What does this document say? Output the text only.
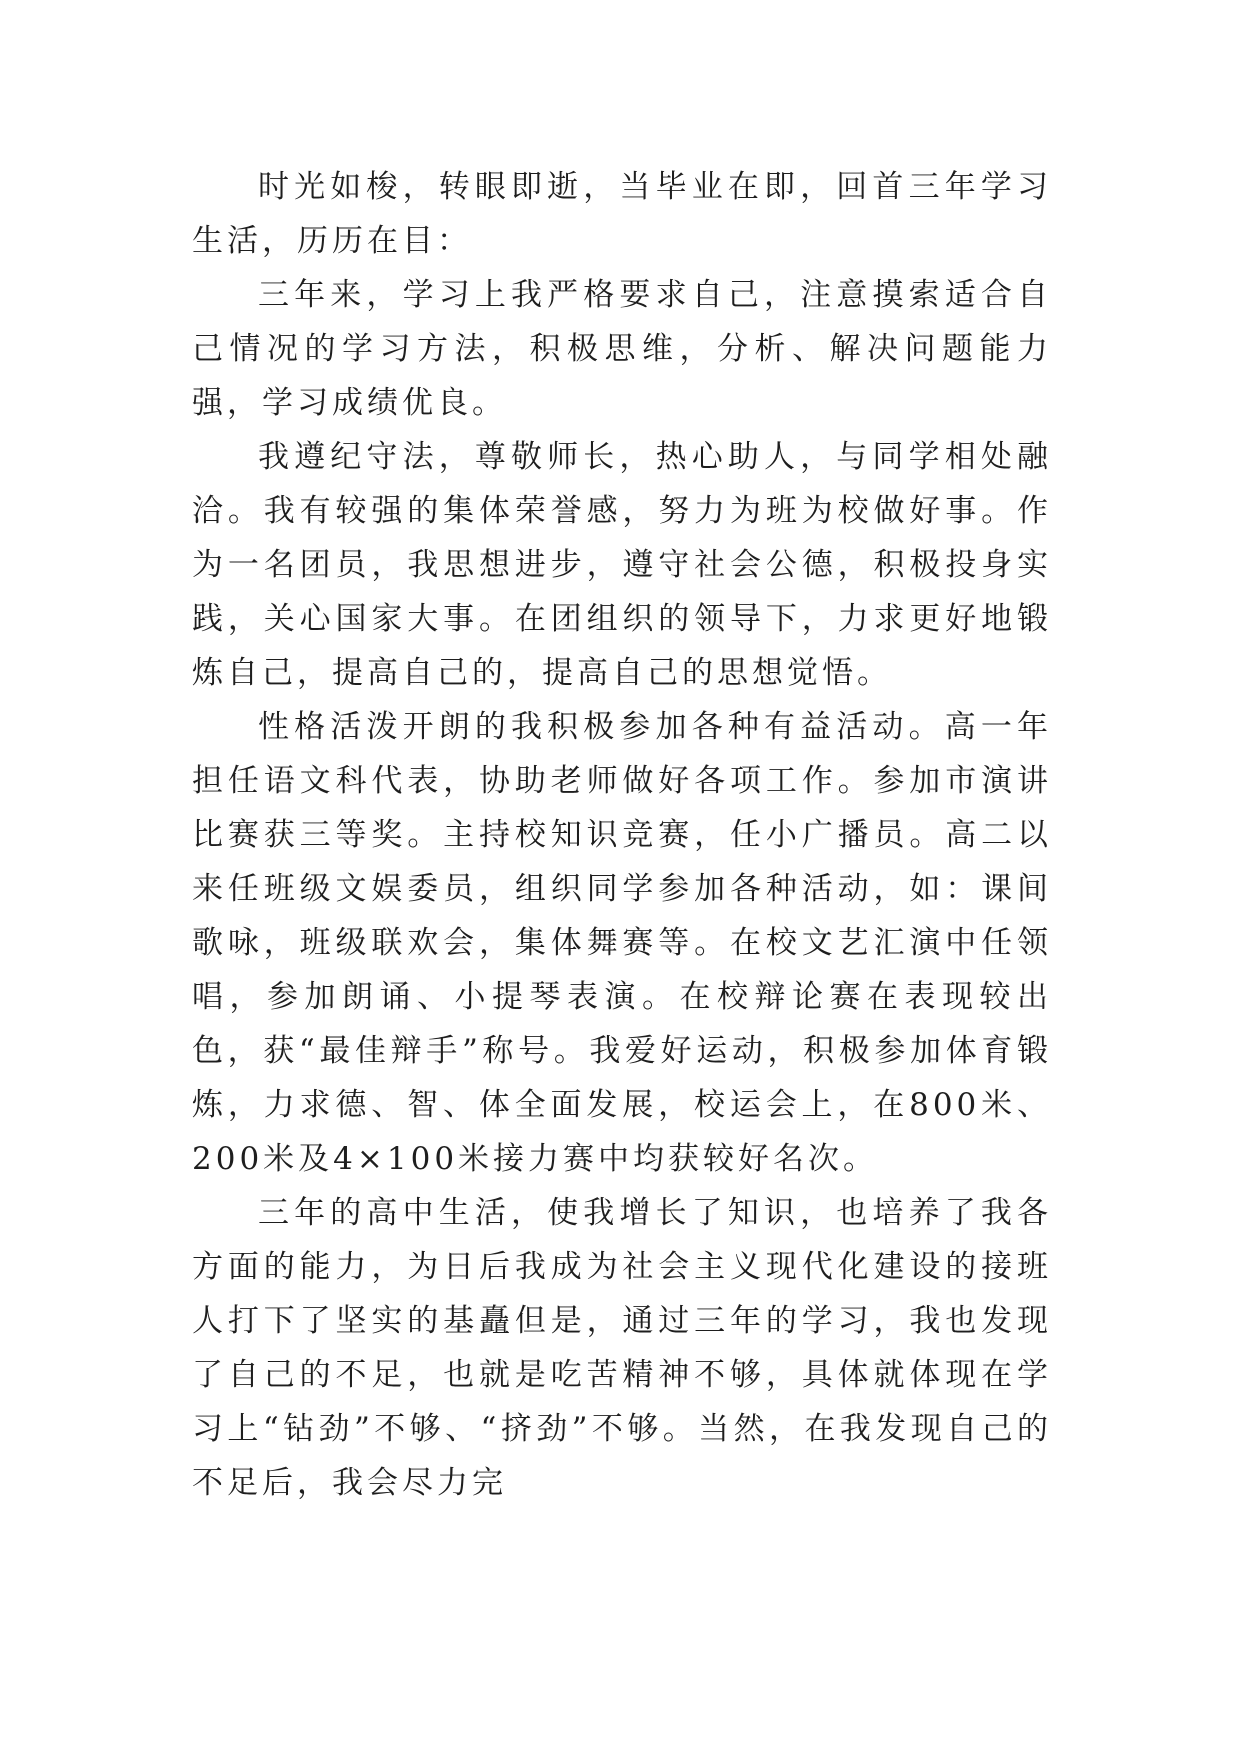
时光如梭，转眼即逝，当毕业在即，回首三年学习生活，历历在目：

三年来，学习上我严格要求自己，注意摸索适合自己情况的学习方法，积极思维，分析、解决问题能力强，学习成绩优良。

我遵纪守法，尊敬师长，热心助人，与同学相处融洽。我有较强的集体荣誉感，努力为班为校做好事。作为一名团员，我思想进步，遵守社会公德，积极投身实践，关心国家大事。在团组织的领导下，力求更好地锻炼自己，提高自己的，提高自己的思想觉悟。

性格活泼开朗的我积极参加各种有益活动。高一年担任语文科代表，协助老师做好各项工作。参加市演讲比赛获三等奖。主持校知识竞赛，任小广播员。高二以来任班级文娱委员，组织同学参加各种活动，如：课间歌咏，班级联欢会，集体舞赛等。在校文艺汇演中任领唱，参加朗诵、小提琴表演。在校辩论赛在表现较出色，获“最佳辩手”称号。我爱好运动，积极参加体育锻炼，力求德、智、体全面发展，校运会上，在800米、200米及4×100米接力赛中均获较好名次。

三年的高中生活，使我增长了知识，也培养了我各方面的能力，为日后我成为社会主义现代化建设的接班人打下了坚实的基矗但是，通过三年的学习，我也发现了自己的不足，也就是吃苦精神不够，具体就体现在学习上“钻劲”不够、“挤劲”不够。当然，在我发现自己的不足后，我会尽力完
